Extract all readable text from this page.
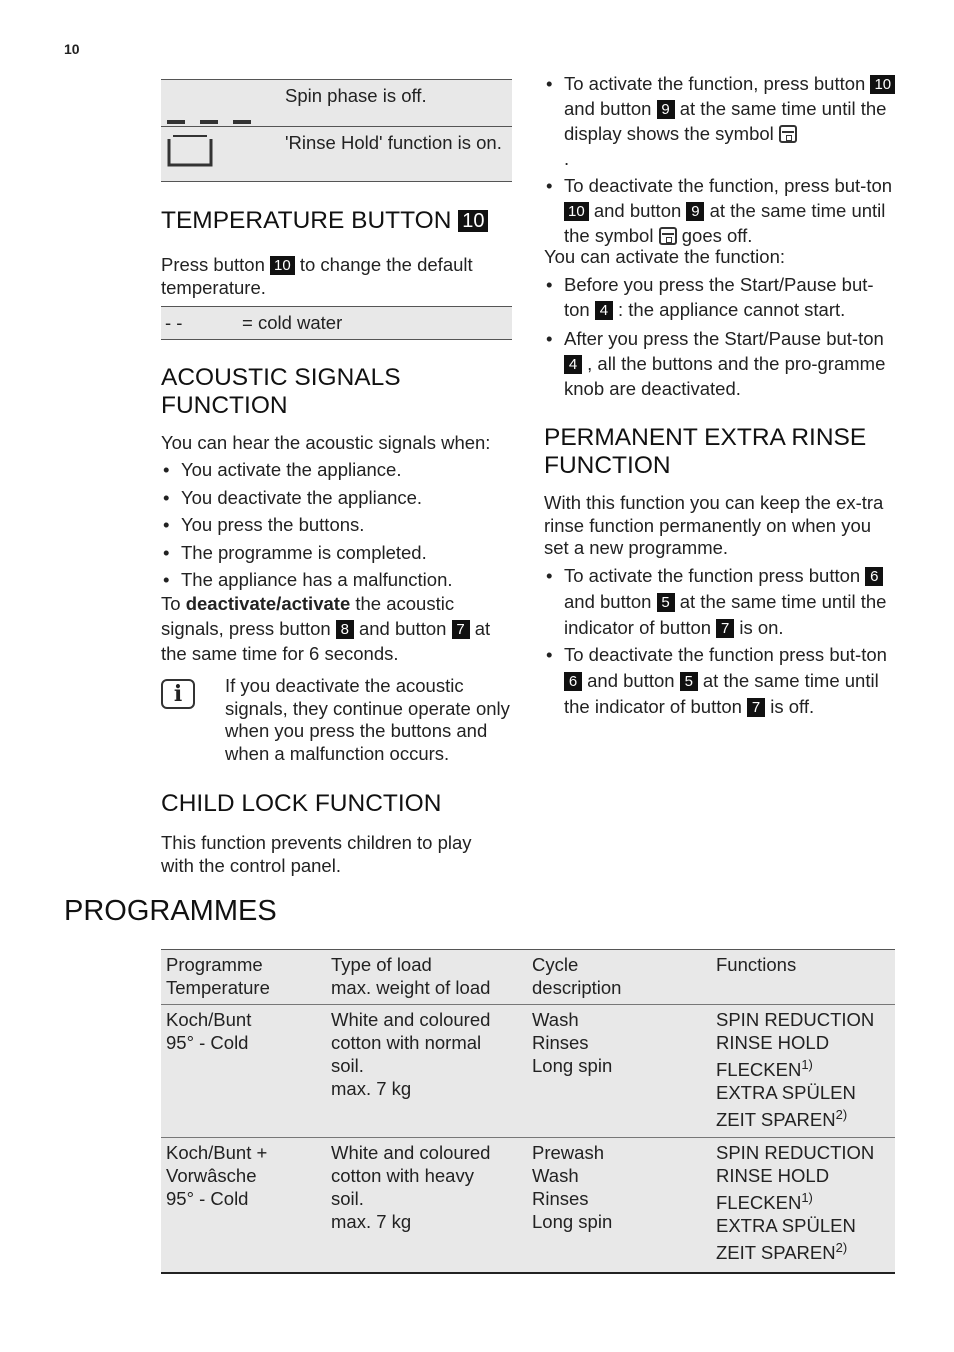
10
Spin phase is off.
'Rinse Hold' function is on.
TEMPERATURE BUTTON 10
Press button 10 to change the default temperature.
- -	= cold water
ACOUSTIC SIGNALS
FUNCTION

You can hear the acoustic signals when:

• You activate the appliance.
• You deactivate the appliance.
• You press the buttons.
• The programme is completed.
• The appliance has a malfunction.

To deactivate/activate the acoustic signals, press button 8 and button 7 at the same time for 6 seconds.

i	If you deactivate the acoustic signals, they continue operate only when you press the buttons and when a malfunction occurs.
CHILD LOCK FUNCTION
This function prevents children to play with the control panel.
• To activate the function, press button 10 and button 9 at the same time until the display shows the symbol
.
• To deactivate the function, press but-ton 10 and button 9 at the same time until the symbol goes off.

You can activate the function:

• Before you press the Start/Pause but-ton 4 : the appliance cannot start.
• After you press the Start/Pause but-ton 4 , all the buttons and the pro-gramme knob are deactivated.
PERMANENT EXTRA RINSE
FUNCTION

With this function you can keep the ex-tra rinse function permanently on when you set a new programme.

• To activate the function press button 6 and button 5 at the same time until the indicator of button 7 is on.
• To deactivate the function press but-ton 6 and button 5 at the same time until the indicator of button 7 is off.
PROGRAMMES
Programme
Temperature
Type of load
max. weight of load
Cycle
description
Functions
Koch/Bunt
95° - Cold
White and coloured
cotton with normal
soil.
max. 7 kg
Wash
Rinses
Long spin
SPIN REDUCTION
RINSE HOLD
FLECKEN$^{1)}$
EXTRA SPÜLEN
ZEIT SPAREN$^{2)}$
Koch/Bunt +
Vorwâsche
95° - Cold
White and coloured
cotton with heavy
soil.
max. 7 kg
Prewash
Wash
Rinses
Long spin
SPIN REDUCTION
RINSE HOLD
FLECKEN$^{1)}$
EXTRA SPÜLEN
ZEIT SPAREN$^{2)}$
